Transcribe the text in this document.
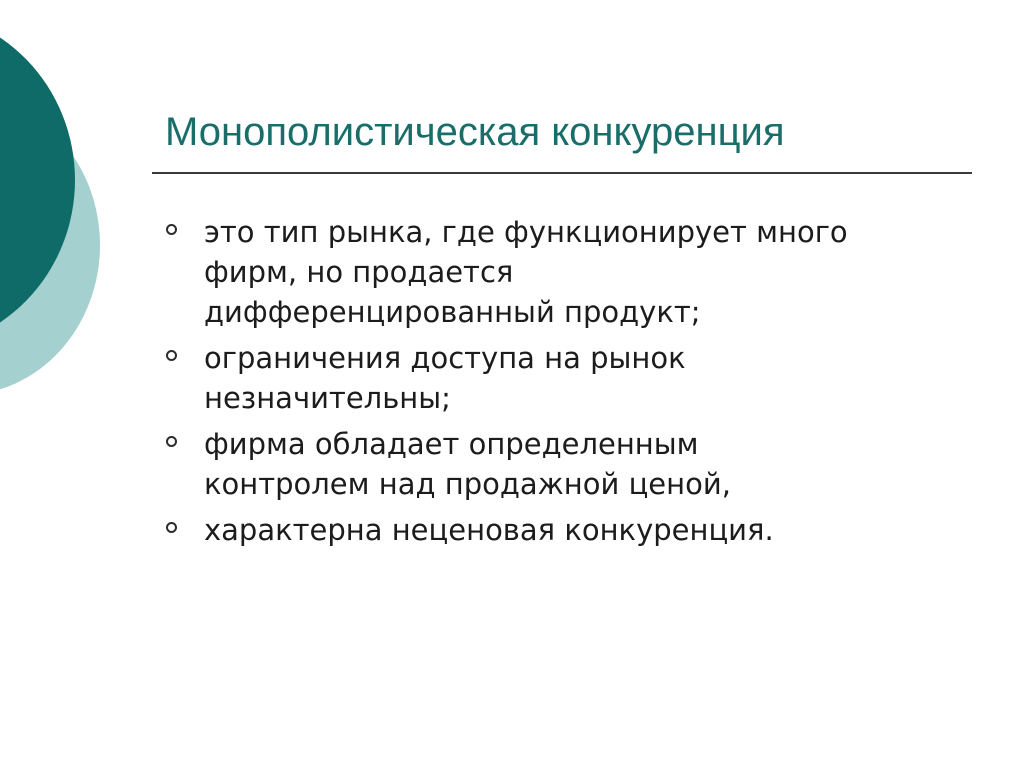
Монополистическая конкуренция
это тип рынка, где функционирует много
фирм, но продается
дифференцированный продукт;
ограничения доступа на рынок
незначительны;
фирма обладает определенным
контролем над продажной ценой,
характерна неценовая конкуренция.
